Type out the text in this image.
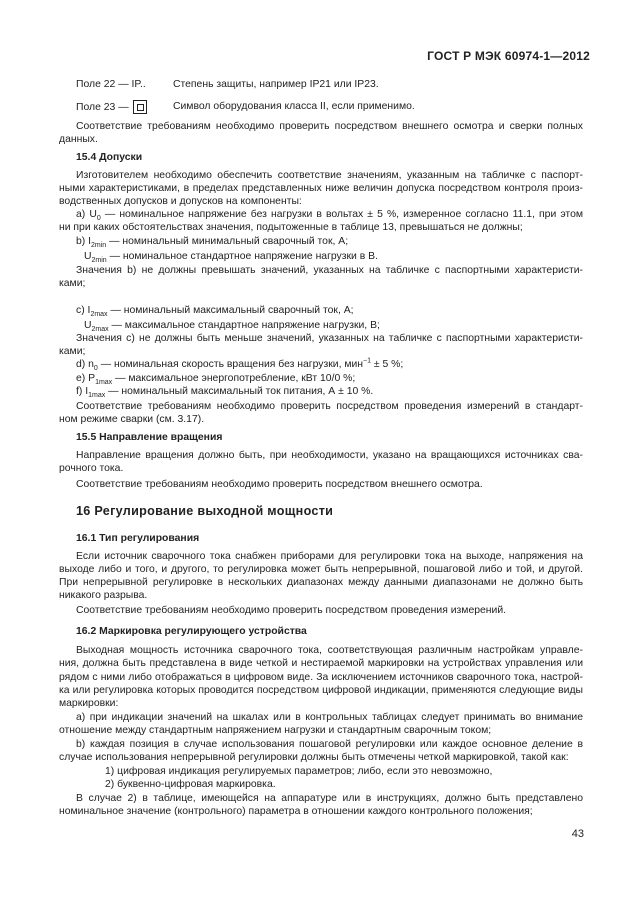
ГОСТ Р МЭК 60974-1—2012
Поле 22 — IP..	Степень защиты, например IP21 или IP23.
Поле 23 —	Символ оборудования класса II, если применимо.
Соответствие требованиям необходимо проверить посредством внешнего осмотра и сверки полных
данных.
15.4 Допуски
Изготовителем необходимо обеспечить соответствие значениям, указанным на табличке с паспорт-
ными характеристиками, в пределах представленных ниже величин допуска посредством контроля произ-
водственных допусков и допусков на компоненты:
а) $U_0$ — номинальное напряжение без нагрузки в вольтах ± 5 %, измеренное согласно 11.1, при этом
ни при каких обстоятельствах значения, подытоженные в таблице 13, превышаться не должны;
b) $I_{2min}$ — номинальный минимальный сварочный ток, А;
$U_{2min}$ — номинальное стандартное напряжение нагрузки в В.
Значения b) не должны превышать значений, указанных на табличке с паспортными характеристи-
ками;
c) $I_{2max}$ — номинальный максимальный сварочный ток, А;
$U_{2max}$ — максимальное стандартное напряжение нагрузки, В;
Значения c) не должны быть меньше значений, указанных на табличке с паспортными характеристи-
ками;
d) $n_0$ — номинальная скорость вращения без нагрузки, мин$^{-1}$ ± 5 %;
e) $P_{1max}$ — максимальное энергопотребление, кВт 10/0 %;
f) $I_{1max}$ — номинальный максимальный ток питания, А ± 10 %.
Соответствие требованиям необходимо проверить посредством проведения измерений в стандарт-
ном режиме сварки (см. 3.17).
15.5 Направление вращения
Направление вращения должно быть, при необходимости, указано на вращающихся источниках сва-
рочного тока.
Соответствие требованиям необходимо проверить посредством внешнего осмотра.
16 Регулирование выходной мощности
16.1 Тип регулирования
Если источник сварочного тока снабжен приборами для регулировки тока на выходе, напряжения на
выходе либо и того, и другого, то регулировка может быть непрерывной, пошаговой либо и той, и другой.
При непрерывной регулировке в нескольких диапазонах между данными диапазонами не должно быть
никакого разрыва.
Соответствие требованиям необходимо проверить посредством проведения измерений.
16.2 Маркировка регулирующего устройства
Выходная мощность источника сварочного тока, соответствующая различным настройкам управле-
ния, должна быть представлена в виде четкой и нестираемой маркировки на устройствах управления или
рядом с ними либо отображаться в цифровом виде. За исключением источников сварочного тока, настрой-
ка или регулировка которых проводится посредством цифровой индикации, применяются следующие виды
маркировки:
а) при индикации значений на шкалах или в контрольных таблицах следует принимать во внимание
отношение между стандартным напряжением нагрузки и стандартным сварочным током;
b) каждая позиция в случае использования пошаговой регулировки или каждое основное деление в
случае использования непрерывной регулировки должны быть отмечены четкой маркировкой, такой как:
1) цифровая индикация регулируемых параметров; либо, если это невозможно,
2) буквенно-цифровая маркировка.
В случае 2) в таблице, имеющейся на аппаратуре или в инструкциях, должно быть представлено
номинальное значение (контрольного) параметра в отношении каждого контрольного положения;
43
